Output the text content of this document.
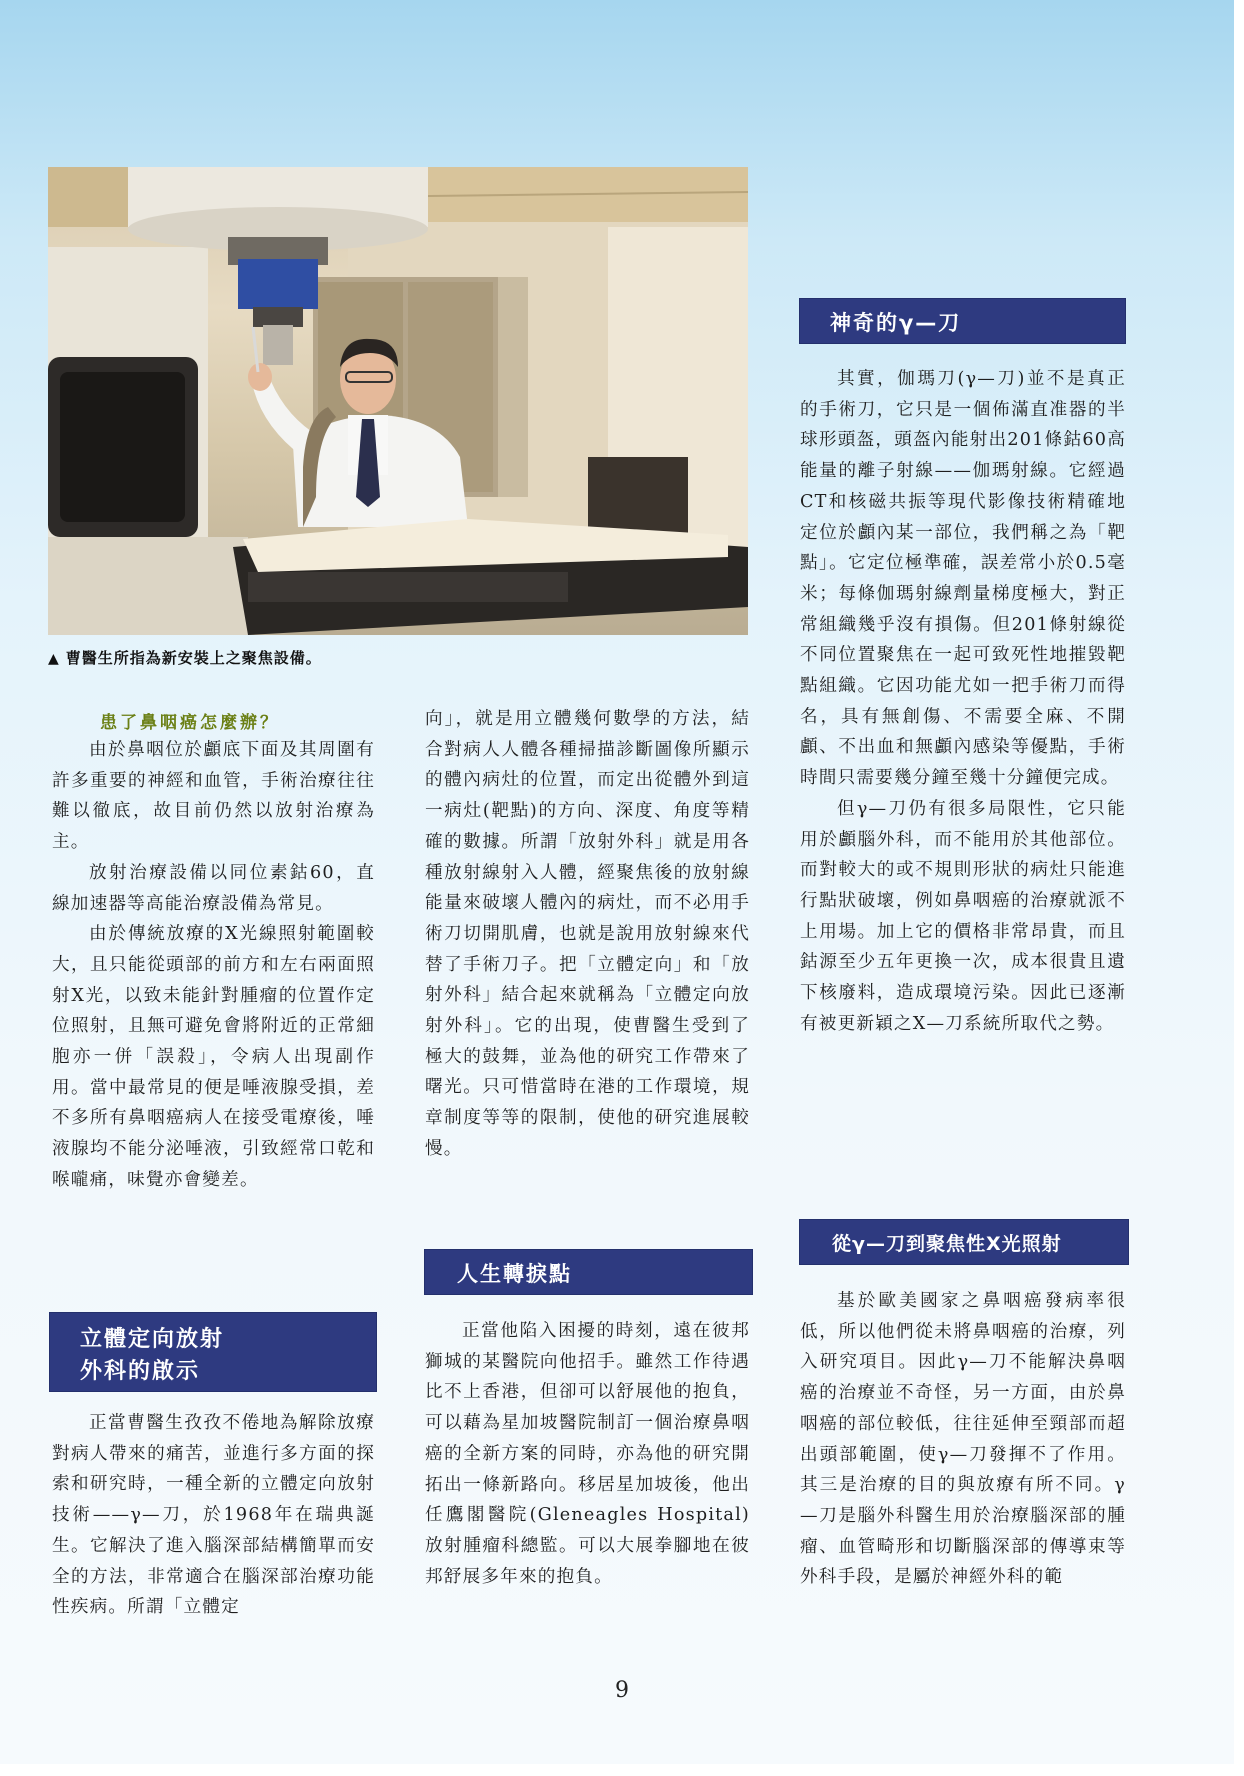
▲ 曹醫生所指為新安裝上之聚焦設備。
患了鼻咽癌怎麼辦？

由於鼻咽位於顱底下面及其周圍有許多重要的神經和血管，手術治療往往難以徹底，故目前仍然以放射治療為主。

放射治療設備以同位素鈷60，直線加速器等高能治療設備為常見。

由於傳統放療的X光線照射範圍較大，且只能從頭部的前方和左右兩面照射X光，以致未能針對腫瘤的位置作定位照射，且無可避免會將附近的正常細胞亦一併「誤殺」，令病人出現副作用。當中最常見的便是唾液腺受損，差不多所有鼻咽癌病人在接受電療後，唾液腺均不能分泌唾液，引致經常口乾和喉嚨痛，味覺亦會變差。

立體定向放射
外科的啟示

正當曹醫生孜孜不倦地為解除放療對病人帶來的痛苦，並進行多方面的探索和研究時，一種全新的立體定向放射技術——γ—刀，於1968年在瑞典誕生。它解決了進入腦深部結構簡單而安全的方法，非常適合在腦深部治療功能性疾病。所謂「立體定

向」，就是用立體幾何數學的方法，結合對病人人體各種掃描診斷圖像所顯示的體內病灶的位置，而定出從體外到這一病灶(靶點)的方向、深度、角度等精確的數據。所謂「放射外科」就是用各種放射線射入人體，經聚焦後的放射線能量來破壞人體內的病灶，而不必用手術刀切開肌膚，也就是說用放射線來代替了手術刀子。把「立體定向」和「放射外科」結合起來就稱為「立體定向放射外科」。它的出現，使曹醫生受到了極大的鼓舞，並為他的研究工作帶來了曙光。只可惜當時在港的工作環境，規章制度等等的限制，使他的研究進展較慢。

人生轉捩點

正當他陷入困擾的時刻，遠在彼邦獅城的某醫院向他招手。雖然工作待遇比不上香港，但卻可以舒展他的抱負，可以藉為星加坡醫院制訂一個治療鼻咽癌的全新方案的同時，亦為他的研究開拓出一條新路向。移居星加坡後，他出任鷹閣醫院(Gleneagles Hospital)放射腫瘤科總監。可以大展拳腳地在彼邦舒展多年來的抱負。

神奇的γ—刀

其實，伽瑪刀(γ—刀)並不是真正的手術刀，它只是一個佈滿直准器的半球形頭盔，頭盔內能射出201條鈷60高能量的離子射線——伽瑪射線。它經過CT和核磁共振等現代影像技術精確地定位於顱內某一部位，我們稱之為「靶點」。它定位極準確，誤差常小於0.5毫米；每條伽瑪射線劑量梯度極大，對正常組織幾乎沒有損傷。但201條射線從不同位置聚焦在一起可致死性地摧毀靶點組織。它因功能尤如一把手術刀而得名，具有無創傷、不需要全麻、不開顱、不出血和無顱內感染等優點，手術時間只需要幾分鐘至幾十分鐘便完成。

但γ—刀仍有很多局限性，它只能用於顱腦外科，而不能用於其他部位。而對較大的或不規則形狀的病灶只能進行點狀破壞，例如鼻咽癌的治療就派不上用場。加上它的價格非常昂貴，而且鈷源至少五年更換一次，成本很貴且遺下核廢料，造成環境污染。因此已逐漸有被更新穎之X—刀系統所取代之勢。

從γ—刀到聚焦性X光照射

基於歐美國家之鼻咽癌發病率很低，所以他們從未將鼻咽癌的治療，列入研究項目。因此γ—刀不能解決鼻咽癌的治療並不奇怪，另一方面，由於鼻咽癌的部位較低，往往延伸至頸部而超出頭部範圍，使γ—刀發揮不了作用。其三是治療的目的與放療有所不同。γ—刀是腦外科醫生用於治療腦深部的腫瘤、血管畸形和切斷腦深部的傳導束等外科手段，是屬於神經外科的範

9
